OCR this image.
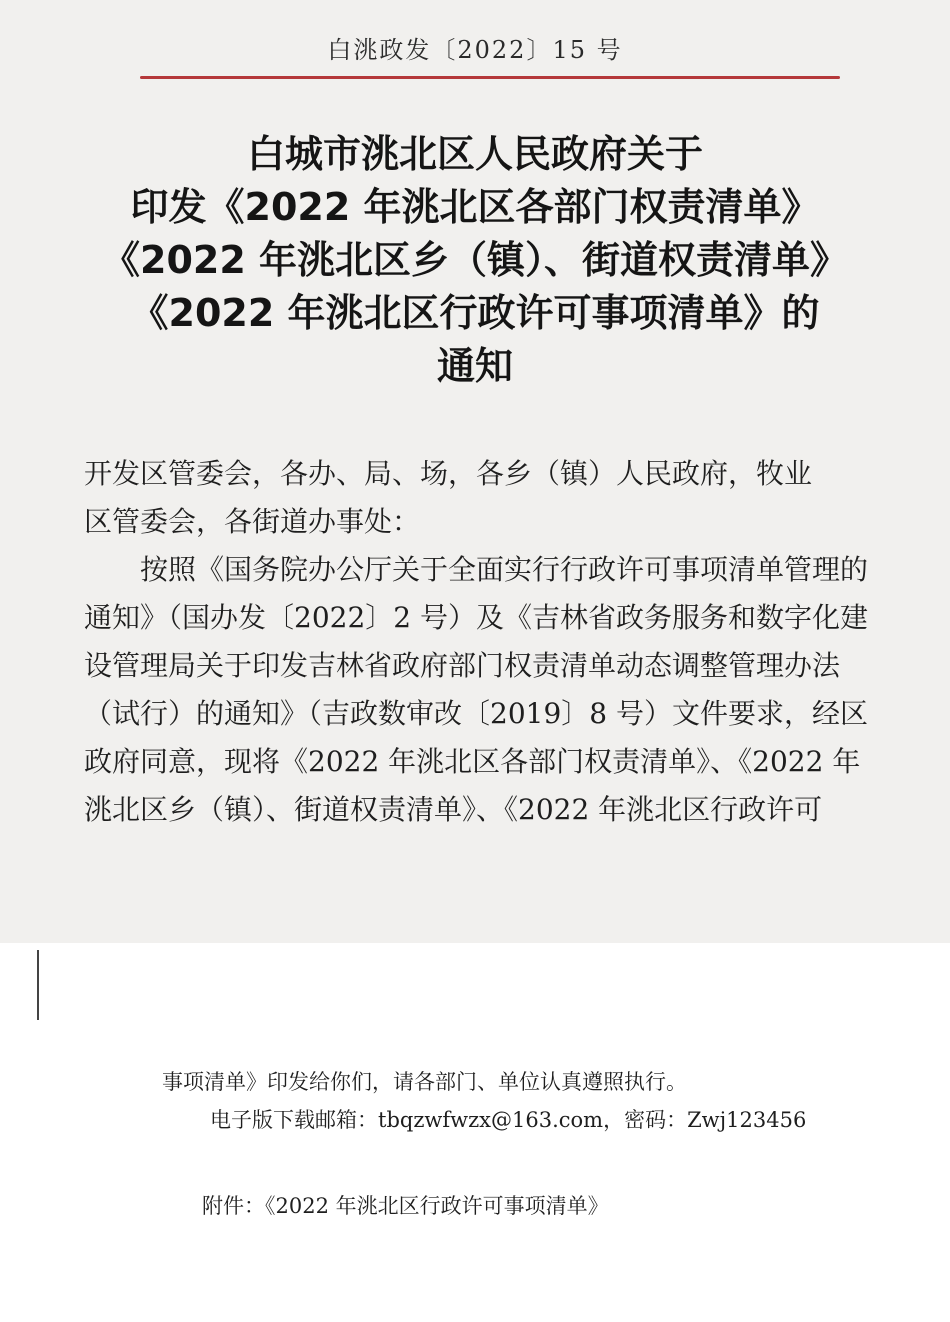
白洮政发〔2022〕15 号
白城市洮北区人民政府关于
印发《2022 年洮北区各部门权责清单》
《2022 年洮北区乡（镇）、街道权责清单》
《2022 年洮北区行政许可事项清单》的
通知

开发区管委会，各办、局、场，各乡（镇）人民政府，牧业

区管委会，各街道办事处：

按照《国务院办公厅关于全面实行行政许可事项清单管理的

通知》（国办发〔2022〕2 号）及《吉林省政务服务和数字化建

设管理局关于印发吉林省政府部门权责清单动态调整管理办法

（试行）的通知》（吉政数审改〔2019〕8 号）文件要求，经区

政府同意，现将《2022 年洮北区各部门权责清单》、《2022 年

洮北区乡（镇）、街道权责清单》、《2022 年洮北区行政许可

事项清单》印发给你们，请各部门、单位认真遵照执行。
电子版下载邮箱：tbqzwfwzx@163.com，密码：Zwj123456
附件：《2022 年洮北区行政许可事项清单》
